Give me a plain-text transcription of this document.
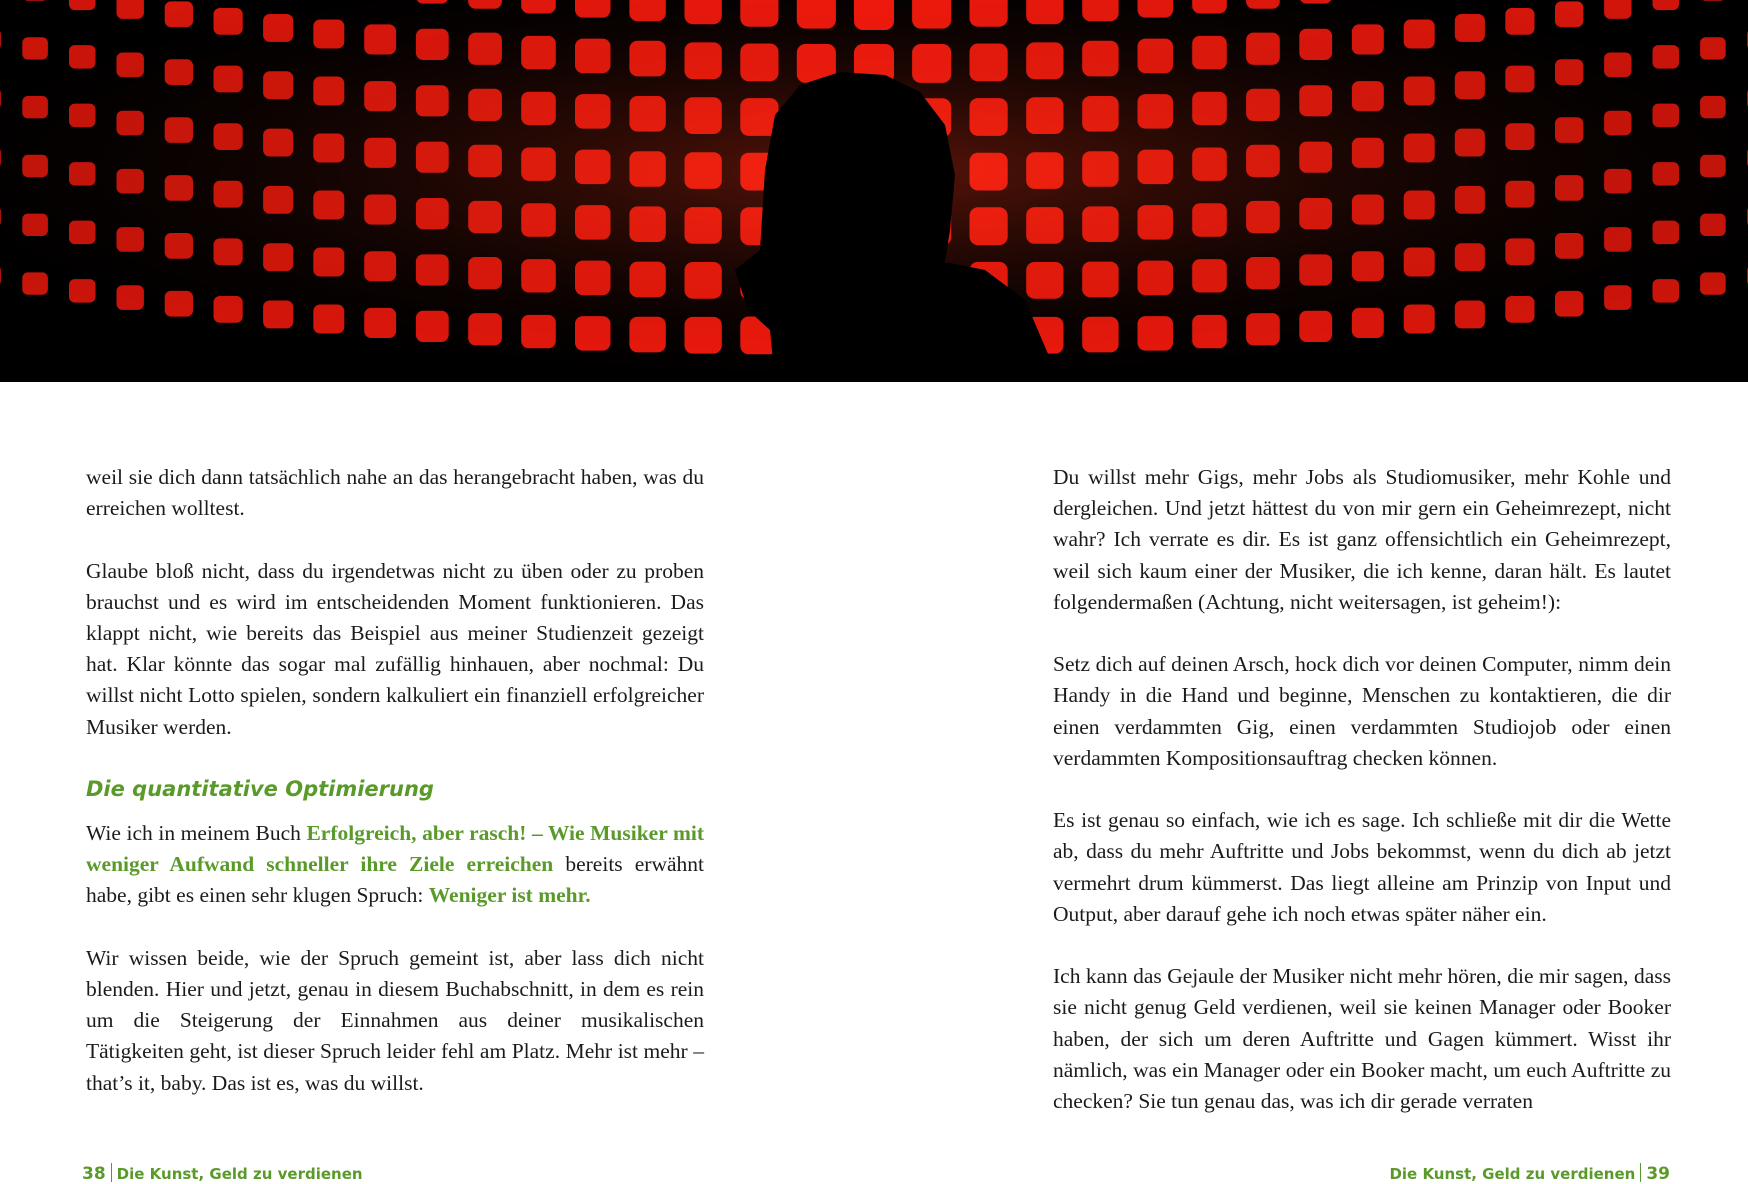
weil sie dich dann tatsächlich nahe an das herangebracht haben, was du erreichen wolltest.

Glaube bloß nicht, dass du irgendetwas nicht zu üben oder zu proben brauchst und es wird im entscheidenden Moment funktionieren. Das klappt nicht, wie bereits das Beispiel aus meiner Studienzeit gezeigt hat. Klar könnte das sogar mal zufällig hinhauen, aber nochmal: Du willst nicht Lotto spielen, sondern kalkuliert ein finanziell erfolgreicher Musiker werden.

Die quantitative Optimierung

Wie ich in meinem Buch Erfolgreich, aber rasch! – Wie Musiker mit weniger Aufwand schneller ihre Ziele erreichen bereits erwähnt habe, gibt es einen sehr klugen Spruch: Weniger ist mehr.

Wir wissen beide, wie der Spruch gemeint ist, aber lass dich nicht blenden. Hier und jetzt, genau in diesem Buchabschnitt, in dem es rein um die Steigerung der Einnahmen aus deiner musikalischen Tätigkeiten geht, ist dieser Spruch leider fehl am Platz. Mehr ist mehr – that’s it, baby. Das ist es, was du willst.

Du willst mehr Gigs, mehr Jobs als Studiomusiker, mehr Kohle und dergleichen. Und jetzt hättest du von mir gern ein Geheimrezept, nicht wahr? Ich verrate es dir. Es ist ganz offensichtlich ein Geheimrezept, weil sich kaum einer der Musiker, die ich kenne, daran hält. Es lautet folgendermaßen (Achtung, nicht weitersagen, ist geheim!):

Setz dich auf deinen Arsch, hock dich vor deinen Computer, nimm dein Handy in die Hand und beginne, Menschen zu kontaktieren, die dir einen verdammten Gig, einen verdammten Studiojob oder einen verdammten Kompositionsauftrag checken können.

Es ist genau so einfach, wie ich es sage. Ich schließe mit dir die Wette ab, dass du mehr Auftritte und Jobs bekommst, wenn du dich ab jetzt vermehrt drum kümmerst. Das liegt alleine am Prinzip von Input und Output, aber darauf gehe ich noch etwas später näher ein.

Ich kann das Gejaule der Musiker nicht mehr hören, die mir sagen, dass sie nicht genug Geld verdienen, weil sie keinen Manager oder Booker haben, der sich um deren Auftritte und Gagen kümmert. Wisst ihr nämlich, was ein Manager oder ein Booker macht, um euch Auftritte zu checken? Sie tun genau das, was ich dir gerade verraten

38 Die Kunst, Geld zu verdienen	Die Kunst, Geld zu verdienen 39
